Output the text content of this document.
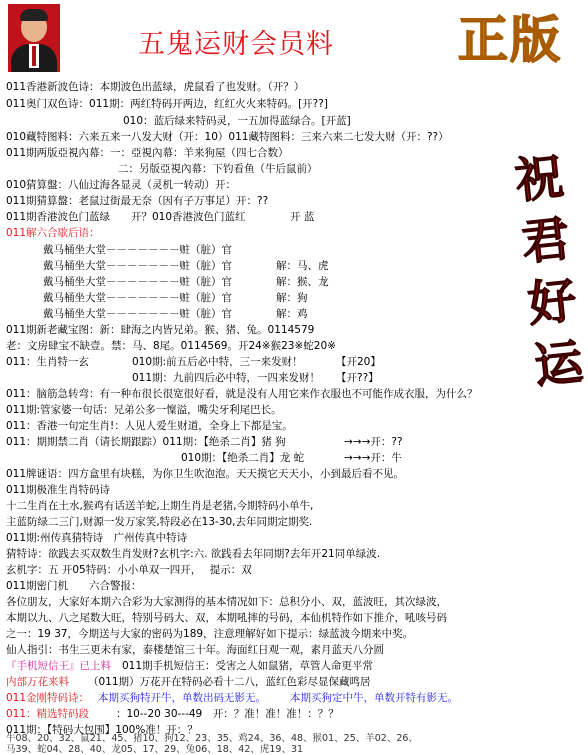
五鬼运财会员料 正版
祝君好运
011香港新波色诗：本期波色出蓝绿，虎鼠看了也发财。（开？）
011奥门双色诗：011期：两红特码开两边，红红火火来特码。[开??]
010：蓝后绿来特码灵，一五加得蓝绿合。[开蓝]
010藏特图料：六来五来一八发大财（开：10）011藏特图料：三来六来二七发大财（开：??）
011期两版亞視內幕：一：亞視內幕：羊来狗屋（四七合数）
二：另版亞視內幕：下钓看鱼（牛后鼠前）
010猜算盤：八仙过海各显灵（灵机一转动）开：
011期猜算盤：老鼠过街最无奈（因有子万事足）开：??
011期香港波色门蓝绿 开？010香港波色门蓝红	开 蓝
011解六合歇后语：
戴马桶坐大堂－－－－－－－赃（脏）官
戴马桶坐大堂－－－－－－－赃（脏）官	解：马、虎
戴马桶坐大堂－－－－－－－赃（脏）官	解：猴、龙
戴马桶坐大堂－－－－－－－赃（脏）官	解：狗
戴马桶坐大堂－－－－－－－赃（脏）官	解：鸡
011期新老藏宝图：新：肆海之内皆兄弟。猴、猪、兔。0114579
老：文房肆宝不缺壹。禁：马、8尾。0114569。开24※猴23※蛇20※
011：生肖特一玄	010期:前五后必中特，三一来发财！	【开20】
011期：九前四后必中特，一四来发财！ 【开??】
011：脑筋急转弯：有一种布很长很宽很好看，就是没有人用它来作衣服也不可能作成衣服，为什么？
011期:管家婆一句话：兄弟公多一懍溢，嘴尖牙利尾巴长。
011：香港一句定生肖!：人见人爱生财道，全身上下都是宝。
011：期期禁二肖（请长期跟踪）011期：【绝杀二肖】猪 狗	→→→开：??
010期：【绝杀二肖】龙 蛇	→→→开：牛
011牌谜语：四方盒里有块糕，为你卫生吹泡泡。天天摸它天天小，小到最后看不见。
011期极准生肖特码诗
十二生肖在土水,猴鸡有话送羊蛇,上期生肖是老猪,今期特码小单牛,
主蓝防绿二三门,财源一发万家笑,特段必在13-30,去年同期定期奖.
011期:州传真猜特诗　广州传真中特诗
猜特诗：欲践去买双数生肖发财?玄机字:六. 欲践看去年同期?去年开21同单绿波.
玄机字：五 开05特码：小小单双一四开，　 提示：双
011期密门机　　六合警报：
各位朋友，大家好本期六合彩为大家测得的基本情况如下：总积分小、双，蓝波旺，其次绿波，
本期以九、八之尾数大旺，特别号码大、双，本期吼摔的号码，本仙机特作如下推介，吼咳号码
之一：19 37，今期送与大家的密码为189，注意理解好如下提示：绿蓝波今期来中奖。
仙人指引：书生三更未有家，泰楼楚馆三十年。海面红日观一观，素月蓝天八分圆
『手机短信王』已上料 011期手机短信王：受害之人如鼠猪，草管人命更平常
内部万花来料 （011期）万花开在特码必看十二八，蓝红色彩尽显保藏鸣居
011金刚特码诗： 本期买狗特开牛，单数出码无影无。 本期买狗定中牛，单数开特有影无。
011：精选特码段	：10--20 30---49　开：？准！准！准！：？？
011期：【特码大包围】100%准！开：？
牛08、20、32、鼠21、45、猪10、狗12、23、35、鸡24、36、48、猴01、25、羊02、26、
马39、蛇04、28、40、龙05、17、29、兔06、18、42、虎19、31
